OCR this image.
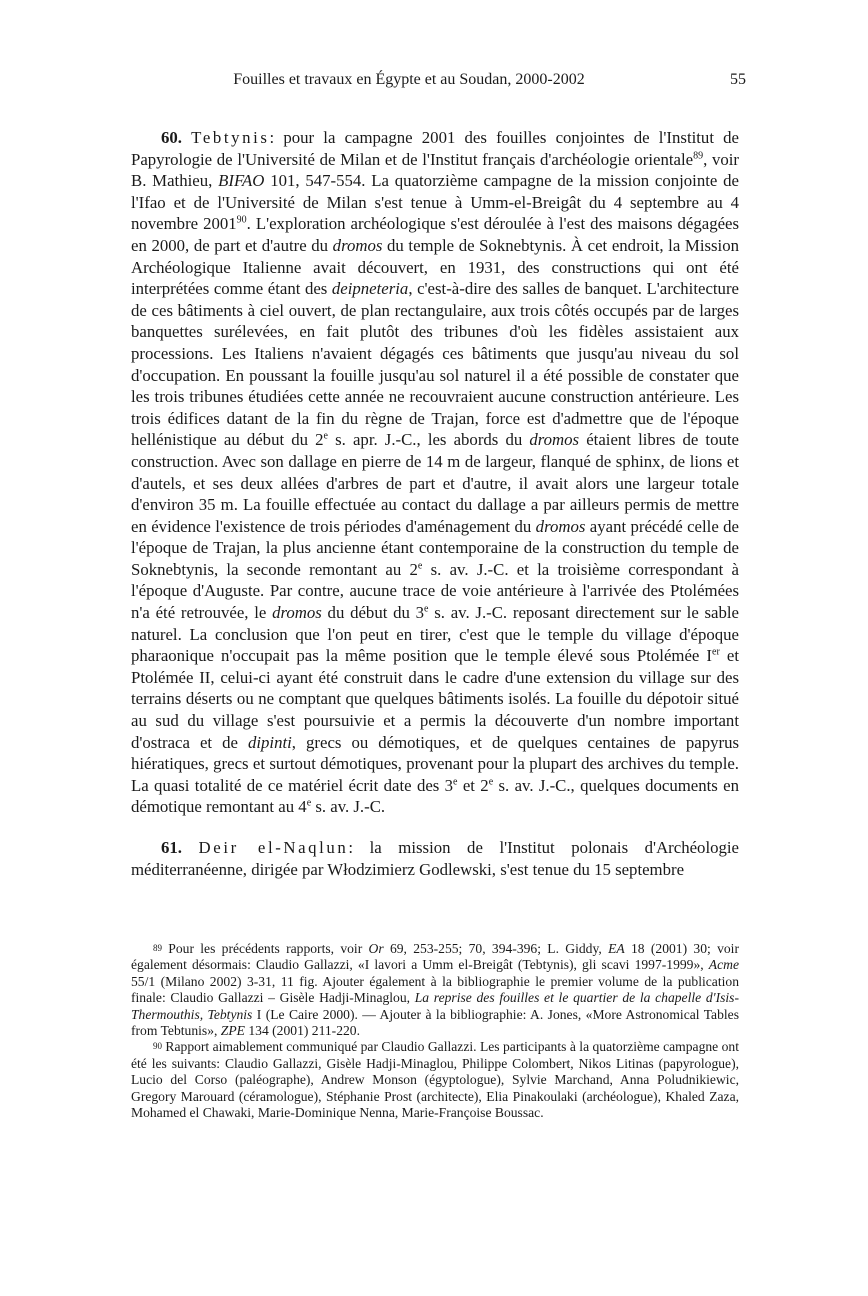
Fouilles et travaux en Égypte et au Soudan, 2000-2002	55

60. Tebtynis: pour la campagne 2001 des fouilles conjointes de l'Institut de Papyrologie de l'Université de Milan et de l'Institut français d'archéologie orientale$^{89}$, voir B. Mathieu, BIFAO 101, 547-554. La quatorzième campagne de la mission conjointe de l'Ifao et de l'Université de Milan s'est tenue à Umm-el-Breigât du 4 septembre au 4 novembre 2001$^{90}$. L'exploration archéologique s'est déroulée à l'est des maisons dégagées en 2000, de part et d'autre du dromos du temple de Soknebtynis. À cet endroit, la Mission Archéologique Italienne avait découvert, en 1931, des constructions qui ont été interprétées comme étant des deipneteria, c'est-à-dire des salles de banquet. L'architecture de ces bâtiments à ciel ouvert, de plan rectangulaire, aux trois côtés occupés par de larges banquettes surélevées, en fait plutôt des tribunes d'où les fidèles assistaient aux processions. Les Italiens n'avaient dégagés ces bâtiments que jusqu'au niveau du sol d'occupation. En poussant la fouille jusqu'au sol naturel il a été possible de constater que les trois tribunes étudiées cette année ne recouvraient aucune construction antérieure. Les trois édifices datant de la fin du règne de Trajan, force est d'admettre que de l'époque hellénistique au début du 2e s. apr. J.-C., les abords du dromos étaient libres de toute construction. Avec son dallage en pierre de 14 m de largeur, flanqué de sphinx, de lions et d'autels, et ses deux allées d'arbres de part et d'autre, il avait alors une largeur totale d'environ 35 m. La fouille effectuée au contact du dallage a par ailleurs permis de mettre en évidence l'existence de trois périodes d'aménagement du dromos ayant précédé celle de l'époque de Trajan, la plus ancienne étant contemporaine de la construction du temple de Soknebtynis, la seconde remontant au 2e s. av. J.-C. et la troisième correspondant à l'époque d'Auguste. Par contre, aucune trace de voie antérieure à l'arrivée des Ptolémées n'a été retrouvée, le dromos du début du 3e s. av. J.-C. reposant directement sur le sable naturel. La conclusion que l'on peut en tirer, c'est que le temple du village d'époque pharaonique n'occupait pas la même position que le temple élevé sous Ptolémée Ier et Ptolémée II, celui-ci ayant été construit dans le cadre d'une extension du village sur des terrains déserts ou ne comptant que quelques bâtiments isolés. La fouille du dépotoir situé au sud du village s'est poursuivie et a permis la découverte d'un nombre important d'ostraca et de dipinti, grecs ou démotiques, et de quelques centaines de papyrus hiératiques, grecs et surtout démotiques, provenant pour la plupart des archives du temple. La quasi totalité de ce matériel écrit date des 3e et 2e s. av. J.-C., quelques documents en démotique remontant au 4e s. av. J.-C.

61. Deir el-Naqlun: la mission de l'Institut polonais d'Archéologie méditerranéenne, dirigée par Włodzimierz Godlewski, s'est tenue du 15 septembre

$^{89}$ Pour les précédents rapports, voir Or 69, 253-255; 70, 394-396; L. Giddy, EA 18 (2001) 30; voir également désormais: Claudio Gallazzi, «I lavori a Umm el-Breigât (Tebtynis), gli scavi 1997-1999», Acme 55/1 (Milano 2002) 3-31, 11 fig. Ajouter également à la bibliographie le premier volume de la publication finale: Claudio Gallazzi – Gisèle Hadji-Minaglou, La reprise des fouilles et le quartier de la chapelle d'Isis-Thermouthis, Tebtynis I (Le Caire 2000). — Ajouter à la bibliographie: A. Jones, «More Astronomical Tables from Tebtunis», ZPE 134 (2001) 211-220.

$^{90}$ Rapport aimablement communiqué par Claudio Gallazzi. Les participants à la quatorzième campagne ont été les suivants: Claudio Gallazzi, Gisèle Hadji-Minaglou, Philippe Colombert, Nikos Litinas (papyrologue), Lucio del Corso (paléographe), Andrew Monson (égyptologue), Sylvie Marchand, Anna Poludnikiewic, Gregory Marouard (céramologue), Stéphanie Prost (architecte), Elia Pinakoulaki (archéologue), Khaled Zaza, Mohamed el Chawaki, Marie-Dominique Nenna, Marie-Françoise Boussac.
